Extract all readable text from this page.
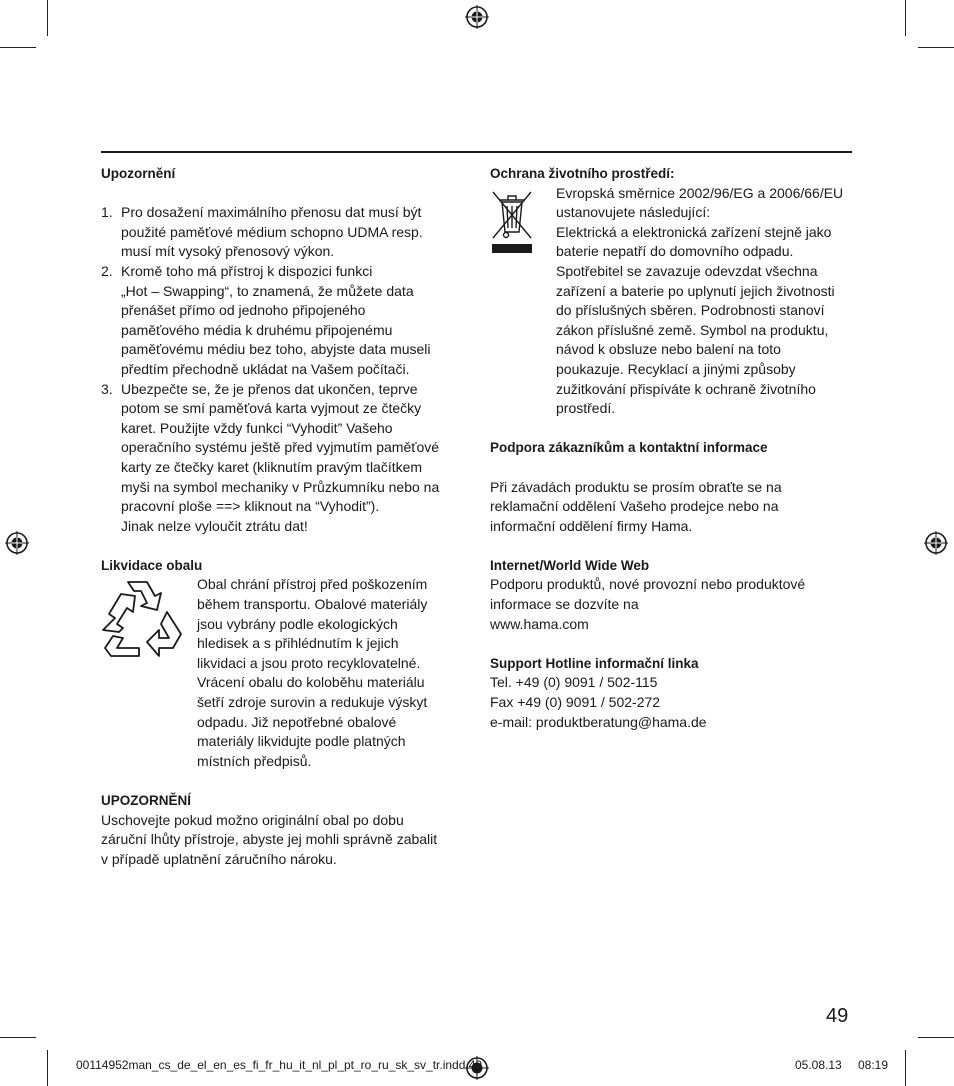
Upozornění
1. Pro dosažení maximálního přenosu dat musí být
použité paměťové médium schopno UDMA resp.
musí mít vysoký přenosový výkon.
2. Kromě toho má přístroj k dispozici funkci
„Hot – Swapping“, to znamená, že můžete data
přenášet přímo od jednoho připojeného
paměťového média k druhému připojenému
paměťovému médiu bez toho, abyjste data museli
předtím přechodně ukládat na Vašem počítači.
3. Ubezpečte se, že je přenos dat ukončen, teprve
potom se smí paměťová karta vyjmout ze čtečky
karet. Použijte vždy funkci “Vyhodit” Vašeho
operačního systému ještě před vyjmutím paměťové
karty ze čtečky karet (kliknutím pravým tlačítkem
myši na symbol mechaniky v Průzkumníku nebo na
pracovní ploše ==> kliknout na “Vyhodit”).
Jinak nelze vyloučit ztrátu dat!
Likvidace obalu
Obal chrání přístroj před poškozením
během transportu. Obalové materiály
jsou vybrány podle ekologických
hledisek a s přihlédnutím k jejich
likvidaci a jsou proto recyklovatelné.
Vrácení obalu do koloběhu materiálu
šetří zdroje surovin a redukuje výskyt
odpadu. Již nepotřebné obalové
materiály likvidujte podle platných
místních předpisů.
UPOZORNĚNÍ
Uschovejte pokud možno originální obal po dobu
záruční lhůty přístroje, abyste jej mohli správně zabalit
v případě uplatnění záručního nároku.
Ochrana životního prostředí:
Evropská směrnice 2002/96/EG a 2006/66/EU
ustanovujete následující:
Elektrická a elektronická zařízení stejně jako
baterie nepatří do domovního odpadu.
Spotřebitel se zavazuje odevzdat všechna
zařízení a baterie po uplynutí jejich životnosti
do příslušných sběren. Podrobnosti stanoví
zákon příslušné země. Symbol na produktu,
návod k obsluze nebo balení na toto
poukazuje. Recyklací a jinými způsoby
zužitkování přispíváte k ochraně životního
prostředí.
Podpora zákazníkům a kontaktní informace
Při závadách produktu se prosím obraťte se na
reklamační oddělení Vašeho prodejce nebo na
informační oddělení firmy Hama.
Internet/World Wide Web
Podporu produktů, nové provozní nebo produktové
informace se dozvíte na
www.hama.com
Support Hotline informační linka
Tel. +49 (0) 9091 / 502-115
Fax +49 (0) 9091 / 502-272
e-mail: produktberatung@hama.de
49
00114952man_cs_de_el_en_es_fi_fr_hu_it_nl_pl_pt_ro_ru_sk_sv_tr.indd 49	05.08.13 08:19
